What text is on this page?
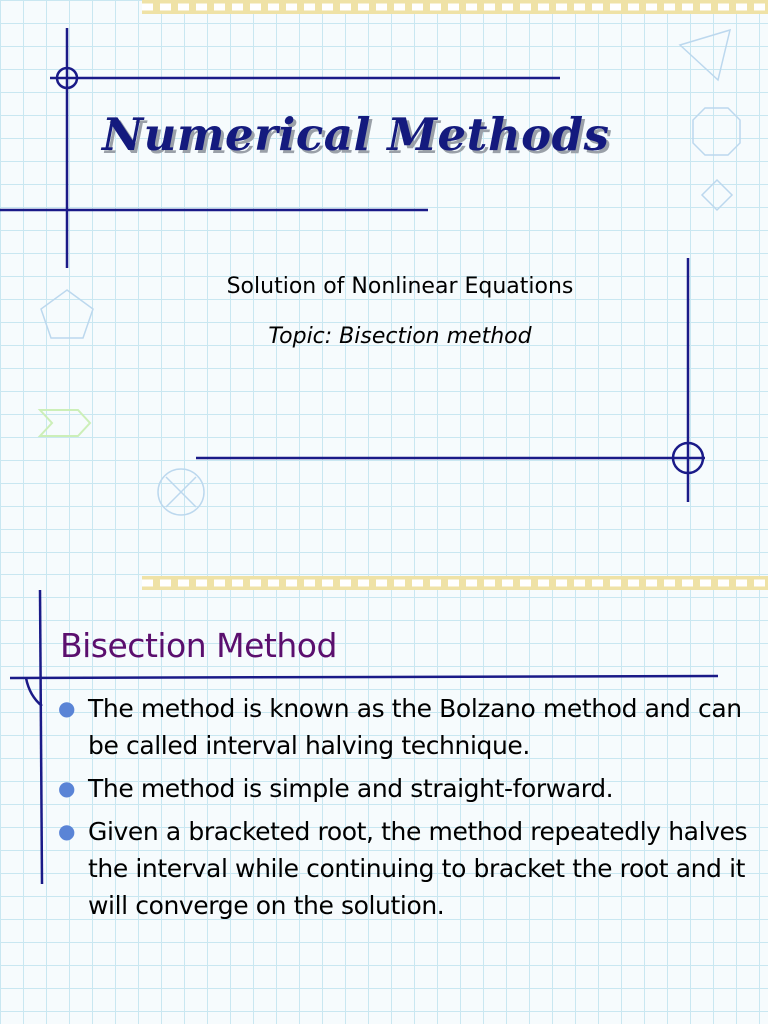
Numerical Methods
Solution of Nonlinear Equations
Topic: Bisection method
Bisection Method
● The method is known as the Bolzano method and can be called interval halving technique.
● The method is simple and straight-forward.
● Given a bracketed root, the method repeatedly halves the interval while continuing to bracket the root and it will converge on the solution.
